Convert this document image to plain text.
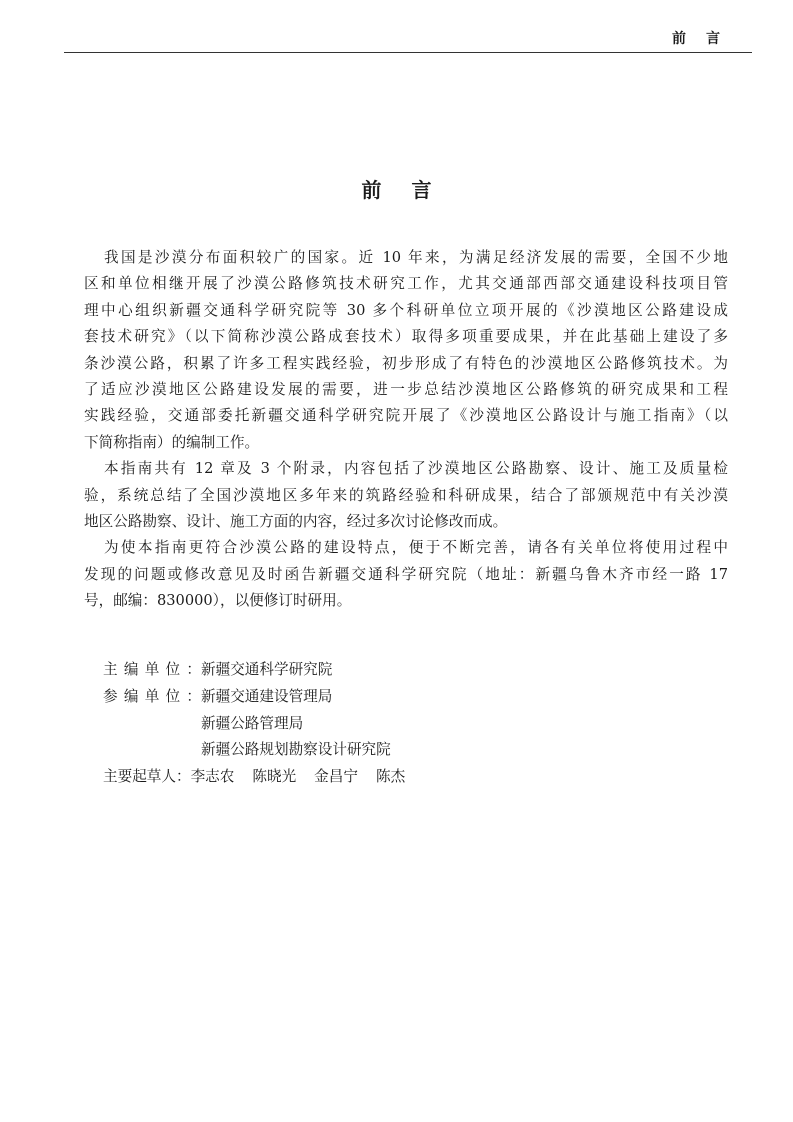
前言
前言
我国是沙漠分布面积较广的国家。近 10 年来，为满足经济发展的需要，全国不少地
区和单位相继开展了沙漠公路修筑技术研究工作，尤其交通部西部交通建设科技项目管
理中心组织新疆交通科学研究院等 30 多个科研单位立项开展的《沙漠地区公路建设成
套技术研究》（以下简称沙漠公路成套技术）取得多项重要成果，并在此基础上建设了多
条沙漠公路，积累了许多工程实践经验，初步形成了有特色的沙漠地区公路修筑技术。为
了适应沙漠地区公路建设发展的需要，进一步总结沙漠地区公路修筑的研究成果和工程
实践经验，交通部委托新疆交通科学研究院开展了《沙漠地区公路设计与施工指南》（以
下简称指南）的编制工作。
本指南共有 12 章及 3 个附录，内容包括了沙漠地区公路勘察、设计、施工及质量检
验，系统总结了全国沙漠地区多年来的筑路经验和科研成果，结合了部颁规范中有关沙漠
地区公路勘察、设计、施工方面的内容，经过多次讨论修改而成。
为使本指南更符合沙漠公路的建设特点，便于不断完善，请各有关单位将使用过程中
发现的问题或修改意见及时函告新疆交通科学研究院（地址：新疆乌鲁木齐市经一路 17
号，邮编：830000），以便修订时研用。
主编单位： 新疆交通科学研究院
参编单位： 新疆交通建设管理局
新疆公路管理局
新疆公路规划勘察设计研究院
主要起草人： 李志农 陈晓光 金昌宁 陈杰
